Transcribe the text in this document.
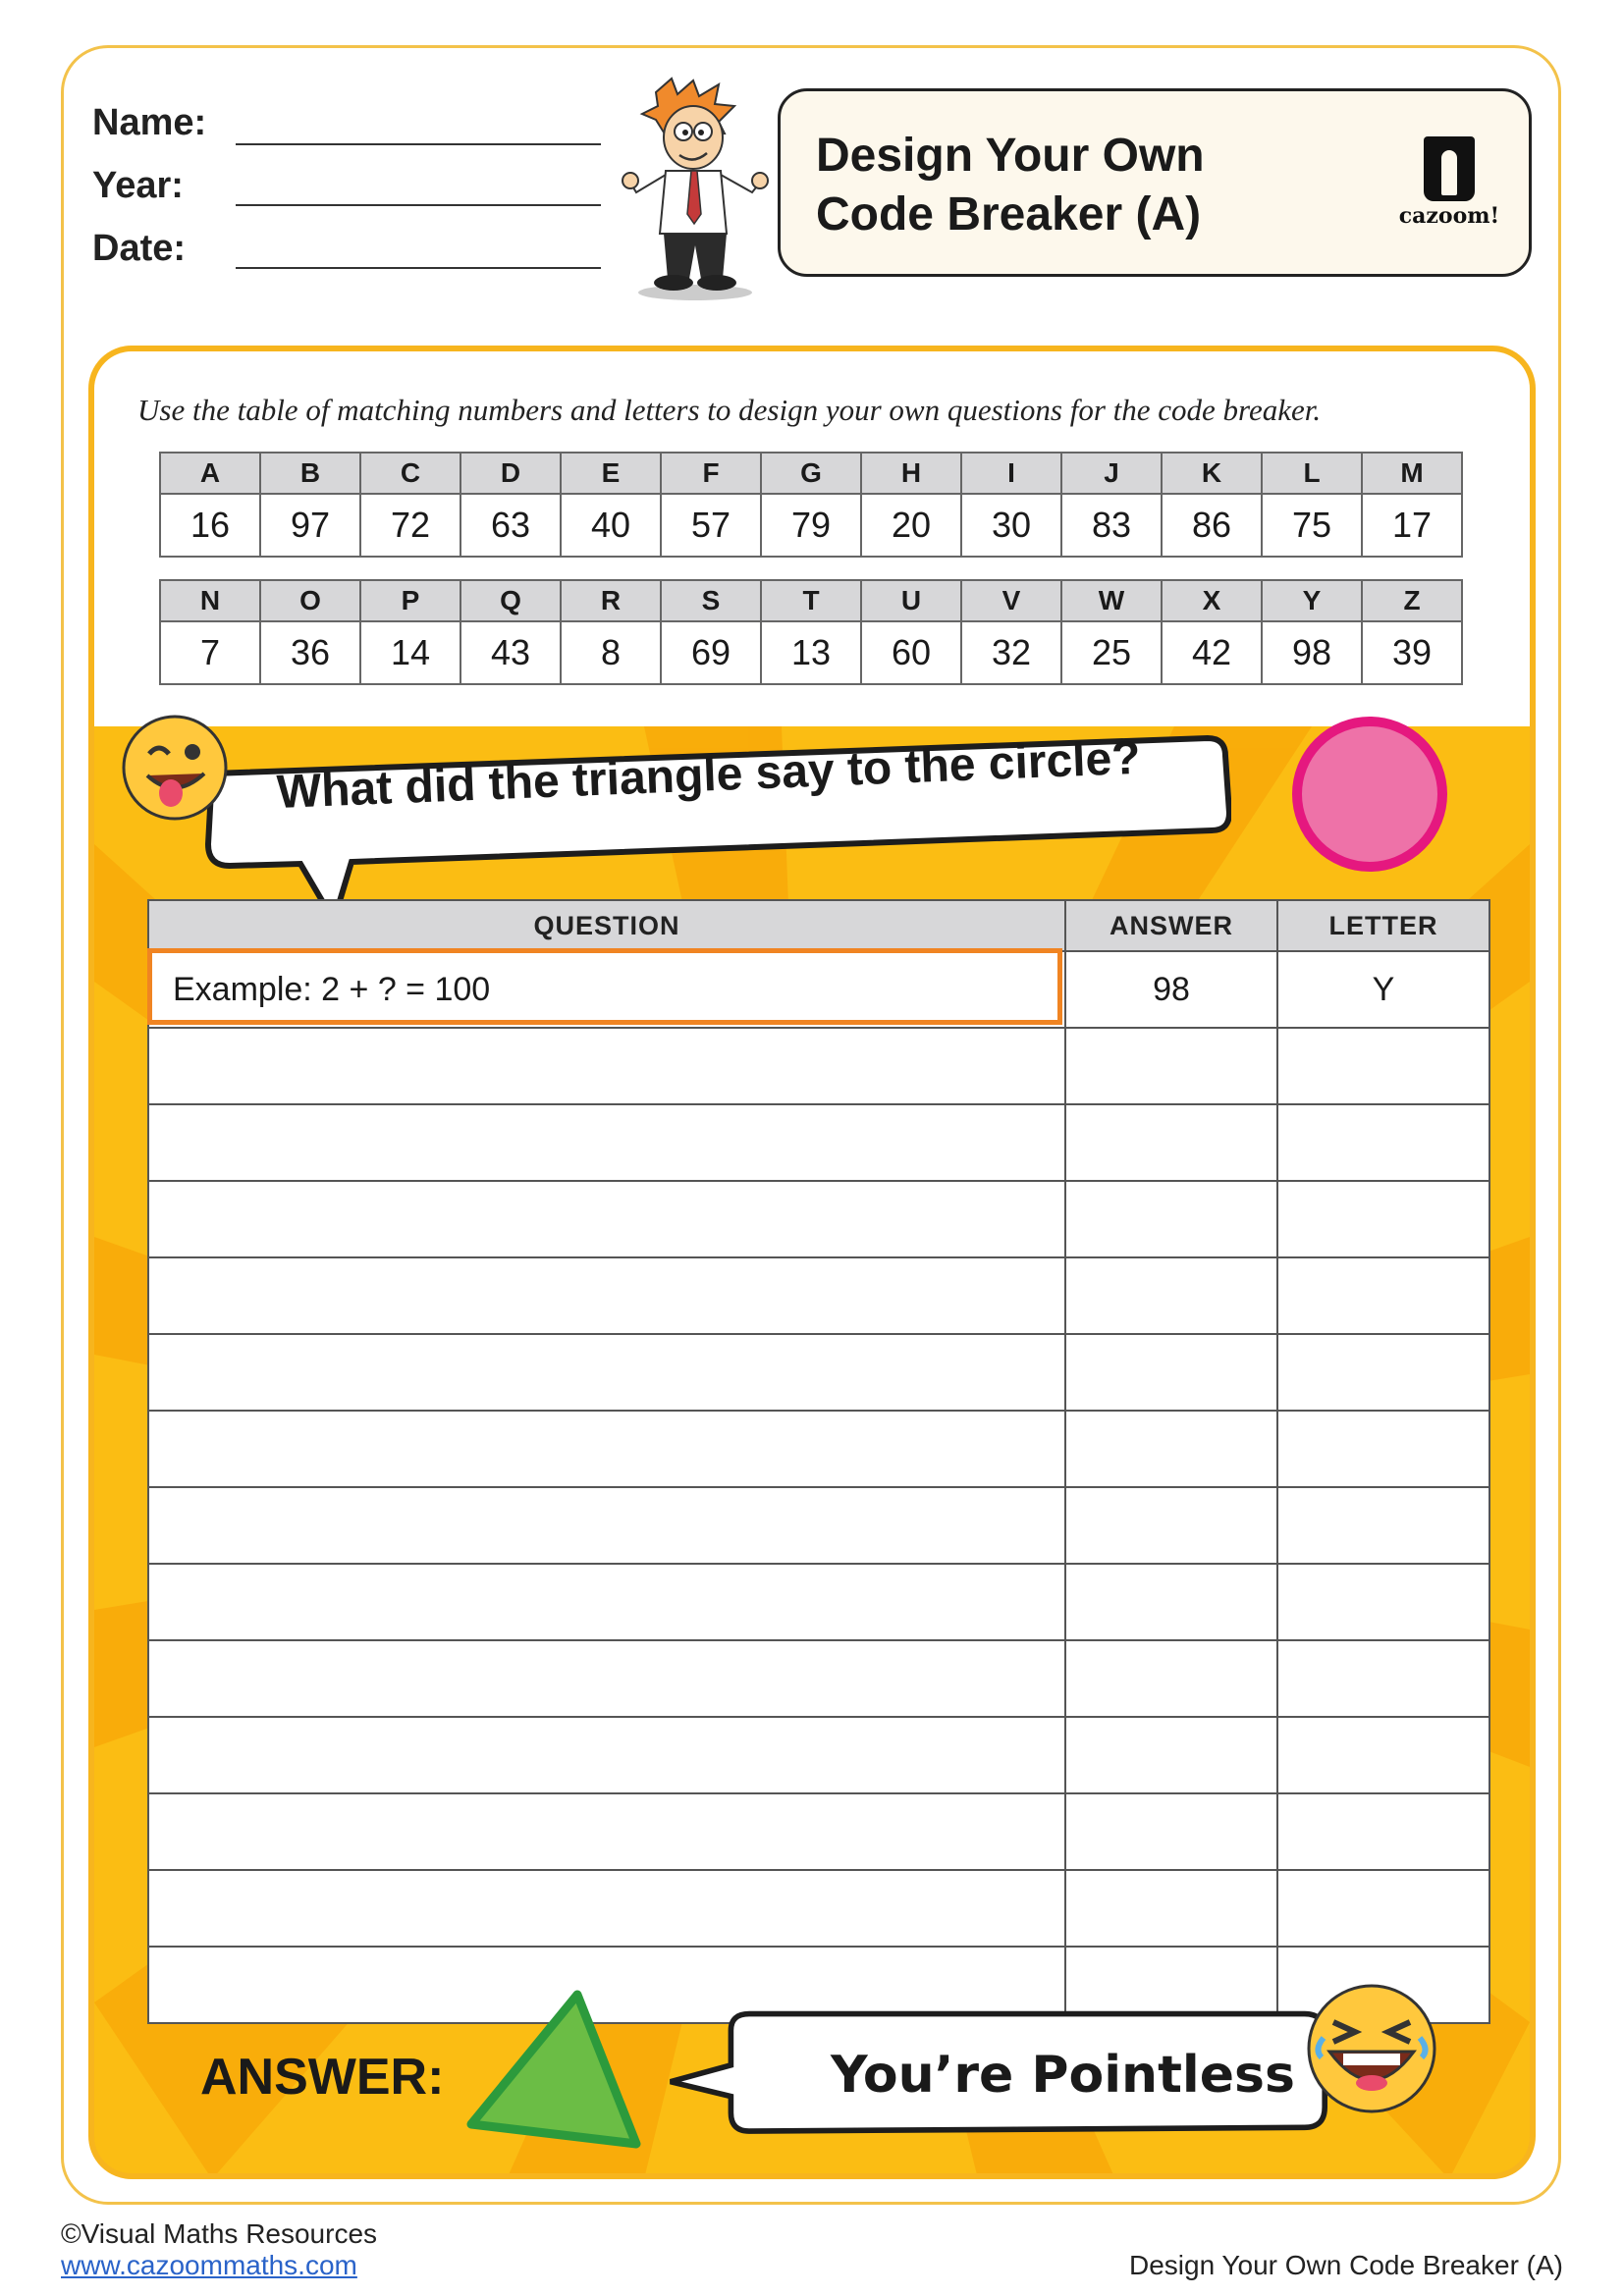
Name:
Year:
Date:
Design Your Own
Code Breaker (A)	cazoom!
Use the table of matching numbers and letters to design your own questions for the code breaker.
A	B	C	D	E	F	G	H	I	J	K	L	M
16	97	72	63	40	57	79	20	30	83	86	75	17
N	O	P	Q	R	S	T	U	V	W	X	Y	Z
7	36	14	43	8	69	13	60	32	25	42	98	39
What did the triangle say to the circle?
QUESTION	ANSWER	LETTER
Example: 2 + ? = 100	98	Y

ANSWER:	You’re Pointless
©Visual Maths Resources
www.cazoommaths.com	Design Your Own Code Breaker (A)
